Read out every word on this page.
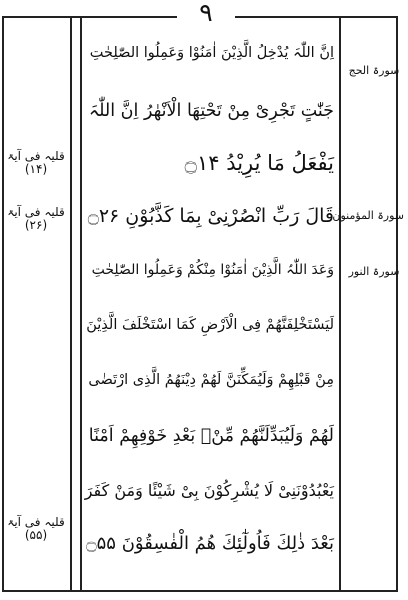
۹
سورۃ الحج
سورۃ المؤمنون
سورۃ النور
قلیہ فی آیۃ
(۱۴)
قلیہ فی آیۃ
(۲۶)
قلیہ فی آیۃ
(۵۵)
اِنَّ اللّٰہَ یُدْخِلُ الَّذِیْنَ اٰمَنُوْا وَعَمِلُوا الصّٰلِحٰتِ
جَنّٰتٍ تَجْرِیْ مِنْ تَحْتِهَا الْاَنْهٰرُ اِنَّ اللّٰہَ
یَفْعَلُ مَا یُرِیْدُ ۝۱۴
قَالَ رَبِّ انْصُرْنِیْ بِمَا كَذَّبُوْنِ ۝۲۶
وَعَدَ اللّٰہُ الَّذِیْنَ اٰمَنُوْا مِنْكُمْ وَعَمِلُوا الصّٰلِحٰتِ
لَیَسْتَخْلِفَنَّهُمْ فِی الْاَرْضِ كَمَا اسْتَخْلَفَ الَّذِیْنَ
مِنْ قَبْلِهِمْ وَلَیُمَكِّنَنَّ لَهُمْ دِیْنَهُمُ الَّذِی ارْتَضٰی
لَهُمْ وَلَیُبَدِّلَنَّهُمْ مِّنْۢ بَعْدِ خَوْفِهِمْ اَمْنًا
یَعْبُدُوْنَنِیْ لَا یُشْرِكُوْنَ بِیْ شَیْئًا وَمَنْ كَفَرَ
بَعْدَ ذٰلِكَ فَاُولٰٓئِكَ هُمُ الْفٰسِقُوْنَ ۝۵۵
